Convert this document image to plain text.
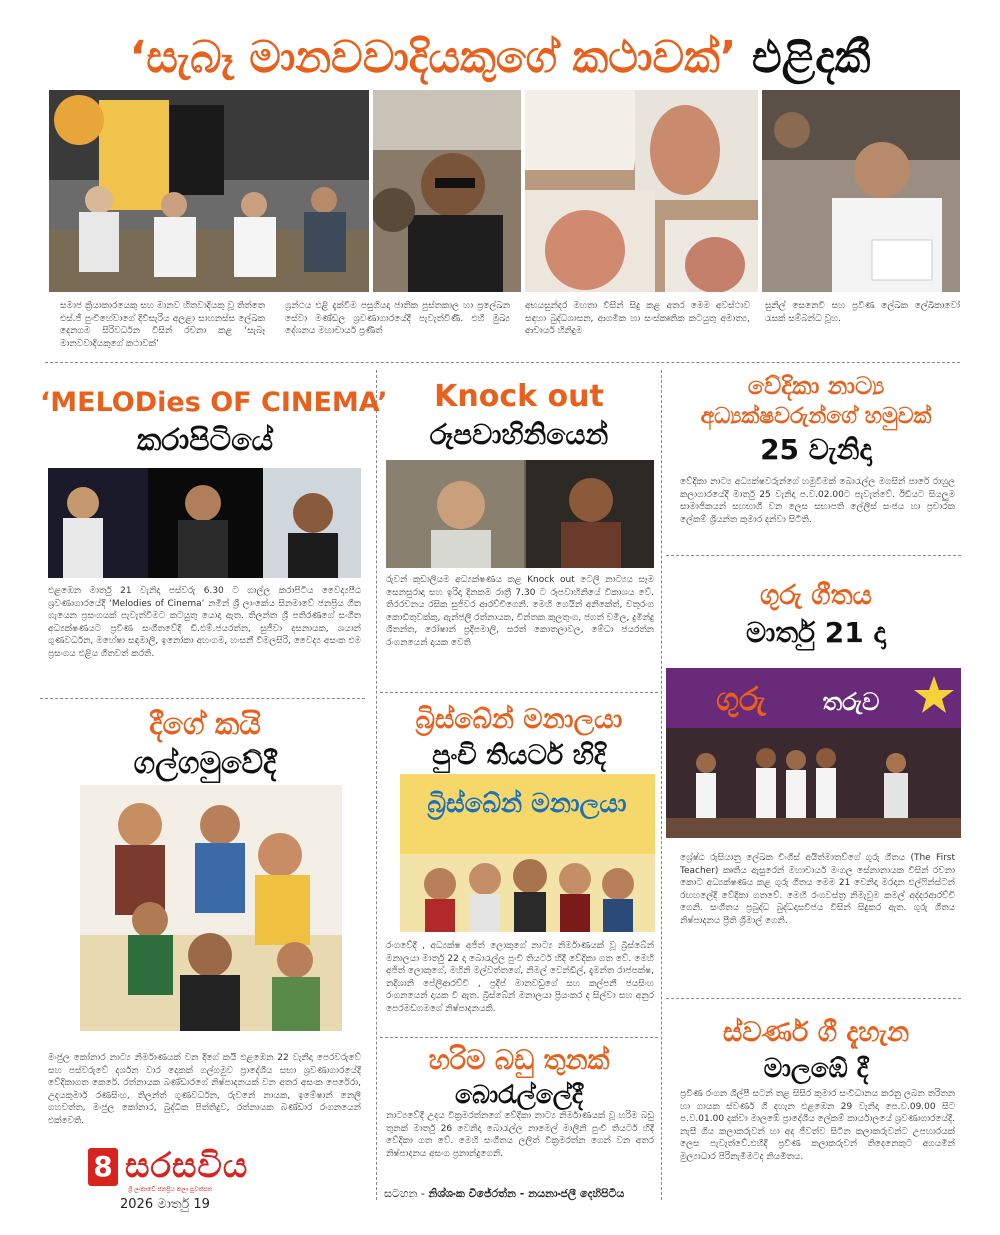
‘සැබෑ මානවවාදියකුගේ කථාවක්’ එළිදකී
සමාජ ක්‍රියාකාරයෙකු සහ මානව හිතවාදියකු වූ තිත්තෙ එස්.ජී පුංචිහේවාගේ දිවිසැරිය අලළා සාහනස්ස ලේඛක දෙනගම සිරිවර්ධන විසින් රචනා කළ ‘සැබෑ මානවවාදියකුගේ කථාවක්’
ග්‍රන්ථය එළි දැක්වීම පසුගියදා ජාතික පුස්තකාල හා ප්‍රලේඛන සේවා මණ්ඩල ශ්‍රවණාගාරයේදී පැවැත්විණි. එහි මුඛ්‍ය දේශනය මහාචාර්ය ප්‍රණීත්
අභයසුන්දර මහතා විසින් සිදු කළ අතර මෙම අවස්ථාව සඳහා බුද්ධශාසන, ආගමික හා සංස්කෘතික කටයුතු අමාත්‍ය, ආචාර්ය හිනිදුම
සුනිල් සෙනෙවි සහ ප්‍රවීණ ලේඛක ලේඛිකාවෝ රැසක් සම්බන්ධ වූහ.
‘MELODies OF CINEMA’
කරාපිටියේ
එළඹෙන මාර්තු 21 වැනිදා පස්වරු 6.30 ට ගාල්ල කරාපිටිය වෛද්‍යපීඨ ශ්‍රවණාගාරයේදී ‘Melodies of Cinema’ නමින් ශ්‍රී ලාංකේය සිනමාවේ ජනප්‍රිය ගීත ගැයෙන ප්‍රසංගයක් පැවැත්වීමට කටයුතු යොදා ඇත. තිලන්ත ශ්‍රී පතිරණගේ සංගීත අධ්‍යක්ෂණයට ප්‍රවීණ සංගීතවේදී ඩී.එම්.ජයරත්න, සුජීවා දසනායක, ශයාන් ගුණවර්ධන, මහේෂා සඳමාලි, ඉනෝකා අහංගම, හංසනී විමලසිරි, වෛද්‍ය අසංක එම ප්‍රසංගය එළිය ගීතවත් කරති.
දීගේ කයි
ගල්ගමුවේදී
මංජුල කෝනාර නාට්‍ය නිර්මාණයක් වන දීගේ කයි එළඹෙන 22 වැනිදා පෙරවරුවේ සහ පස්වරුවේ දර්ශන වාර දෙකක් ගල්ගමුව ප්‍රාදේශීය සභා ශ්‍රවණාගාරයේදී වේදිකාගත කෙරේ. රත්නායක බණ්ඩාරගේ නිෂ්පාදනයක් වන අතර අසංක පෙරේරා, උදයකුමාර් රණසිංහ, තිලන්ත් ගුණවර්ධන, රුවනේ නායක, ඉමේෂාන් නෙලී ගහවත්ත, මංජුල කෝනාර, බුද්ධික පිත්තිදුව, රත්නායක බණ්ඩාර රංගනයෙන් එක්වෙති.
Knock out
රූපවාහිනියෙන්
රුවන් කුඩාලියම අධ්‍යක්ෂණය කළ Knock out ටෙලි නාට්‍යය සෑම සෙනසුරාදා සහ ඉරිදා දිනකම රාත්‍රී 7.30 ට රූපවාහිනියේ විකාශය වේ. තිරරචනය රසික සුජිවර ආරච්චිගෙනි. මෙහි ගෙයින් අනිකේත්, චතුරංග කොඩිතුවක්කු, ඇන්ජලී රත්නායක, චින්තක කුලතුංග, ජගත් චමිල, දුමින්දු ශීතන්ත, රෝෂාන් ප්‍රදීපමාලි, සරත් කොතලාවල, මේධා ජයරත්න රංගනයෙන් දායක වෙති
බ්‍රිස්බේන් මනාලයා
පුංචි තියටර් හිදි
බ්‍රිස්බේන් මනාලයා
රංගවේදී , අධ්‍යක්ෂ අජිත් ලොකුගේ නාට්‍ය නිර්මාණයක් වූ බ්‍රිස්බේන් මනාලයා මාර්තු 22 දා බොරැල්ල පුංචි තියටර් හිදී වේදිකා ගත වේ. මෙහි අජිත් ලොකුගේ, මහිනි මල්වත්තගේ, නිමල් වෙන්ඩිල්, දැමන්ත රාජපක්ෂ, නදිශානි පේලිආරච්චි , ප්‍රදීප් මානවඩුගේ සහ කල්පනී ජයසිංහ රංගනයෙන් දායක වී ඇත. බ්‍රිස්බේන් මනාලයා ප්‍රියංකර ද සිල්වා සහ අනුර පෙරමඩගමගේ නිෂ්පාදනයකි.
හරිම බඩු තුනක්
බොරැල්ලේදී
නාට්‍යවේදී උදය වික්‍රමරත්නගේ වේදිකා නාට්‍ය නිර්මාණයක් වූ හරිම බඩු තුනක් මාර්තු 26 වෙනිදා බොරැල්ල නාමෙල් මාලිනි පුංචි තියටර් හිදී වේදිකා ගත වේ. මෙහි සංගීතය ලලිත් වික්‍රමරත්න ගෙන් වන අතර නිෂ්පාදනය අසංග ප්‍රනාන්දුගෙනි.
වේදිකා නාට්‍ය
අධ්‍යක්ෂවරුන්ගේ හමුවක්
25 වැනිදා
වේදිකා නාට්‍ය අධ්‍යක්ෂවරුන්ගේ හමුවීමක් බොරැල්ල මගසින් පාරේ රාහුල කලාගාරයේදී මාර්තු 25 වැනිදා ප.ව.02.00ට පැවැත්වේ. ඊඩීයට සියලුම සාමාජිකයන් සහභාගී වන ලෙස සභාපති ලේලීස් සංජය හා ප්‍රචාරක ලේකම් ශ්‍රියන්ත කුමාර දන්වා සිටිති.
ගුරු ගීතය
මාර්තු 21 දා
ගුරු තරුව
ශ්‍රේෂ්ඨ රුසියානු ලේඛක චිංගීස් අයිත්මාතව්ගේ ගුරු ගීතය (The First Teacher) කෘතිය ඇසුරෙන් මහාචාර්ය මංගල සේනානායක විසින් රචනා කොට අධ්‍යක්ෂණය කළ ගුරු ගීතය මෙම 21 වෙනිදා මරදාන එල්ෆින්ස්ටන් රඟහලේදී වේදිකා ගතවේ. මෙහි රංගවස්ත්‍ර නිමැවුම කමල් අද්දරආරච්චි ගෙනි. සංගීතය ප්‍රබුද්ධ බුද්ධදාසවිජය විසින් සිදුකර ඇත. ගුරු ගීතය නිෂ්පාදනය ප්‍රීති ශ්‍රීමාල් ගෙනි.
ස්වර්ණ ගී දැහැන
මාලඹේ දී
ප්‍රවීණ රංගන ශිල්පී සටන් තළ සිසිර කුමාර සංවිධානය කරනු ලබන තරිතන හා ගායක ස්වර්ණ ගී දහැන එළඹෙන 29 වැනිදා පෙ.ව.09.00 සිට ප.ව.01.00 දක්වා මාලඹේ ප්‍රාදේශීය ලේකම් කාර්යාලයේ ශ්‍රවණාගාරයේදී. නැසී ගිය කලාකරුවන් හා අද ජීවත්ව සිටින කලාකරුවන්ට උපහාරයක් ලෙස පැවැත්වේ.එහිදී ප්‍රවීණ කලාකරුවන් තිදෙනෙකුට අගයමින් මුල්‍යාධාර පිරිනැමීමටද නියමිතය.
8 සරසවිය
ශ්‍රී ලංකාවේ ජනප්‍රිය කලා පුවත්පත
2026 මාර්තු 19
සටහන - නිශ්ශංක විජේරත්න - නයනාංජලී දෙහිපිටිය
